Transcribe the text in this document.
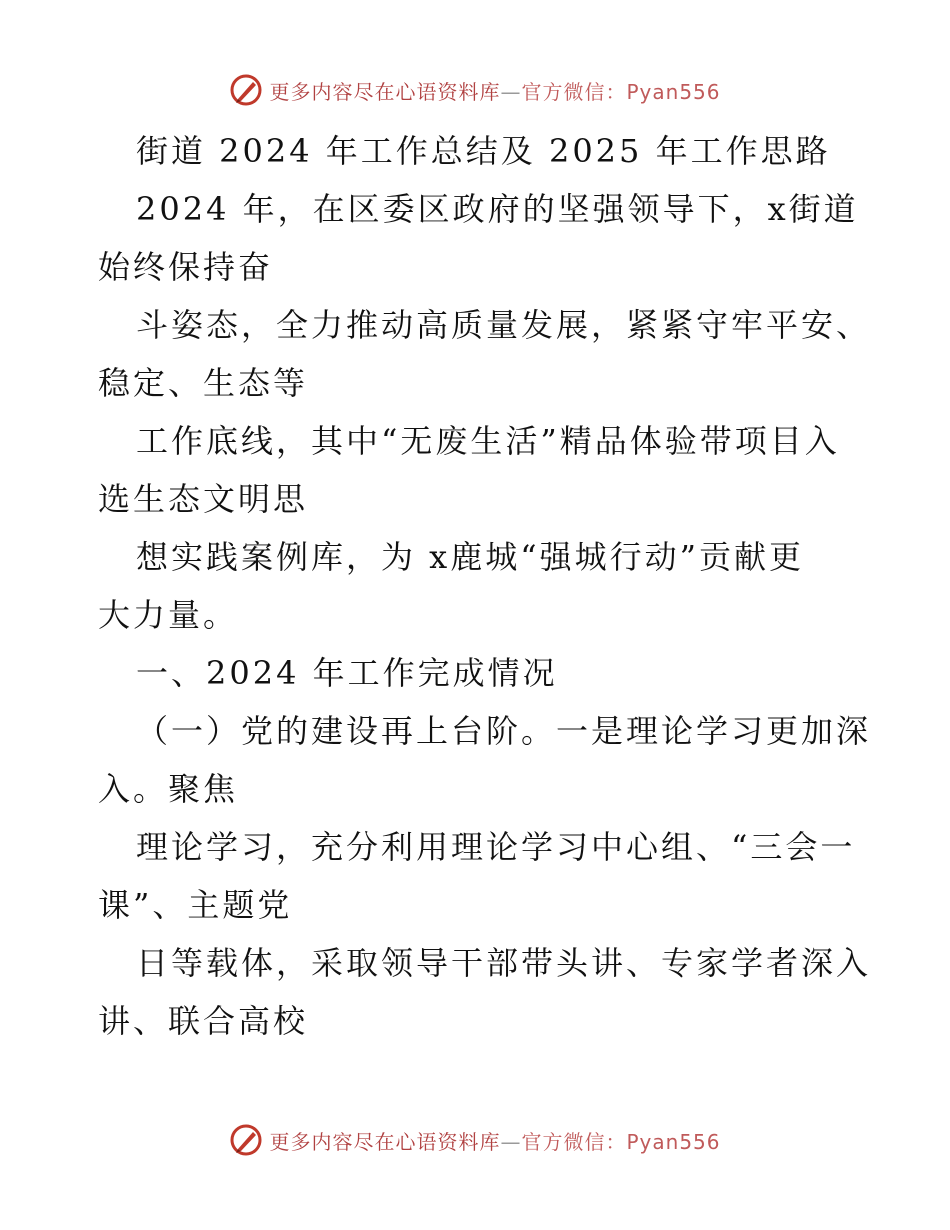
更多内容尽在心语资料库—官方微信：Pyan556
街道 2024 年工作总结及 2025 年工作思路
2024 年，在区委区政府的坚强领导下，x街道
始终保持奋
斗姿态，全力推动高质量发展，紧紧守牢平安、
稳定、生态等
工作底线，其中“无废生活”精品体验带项目入
选生态文明思
想实践案例库，为 x鹿城“强城行动”贡献更
大力量。
一、2024 年工作完成情况
（一）党的建设再上台阶。一是理论学习更加深
入。聚焦
理论学习，充分利用理论学习中心组、“三会一
课”、主题党
日等载体，采取领导干部带头讲、专家学者深入
讲、联合高校
更多内容尽在心语资料库—官方微信：Pyan556
